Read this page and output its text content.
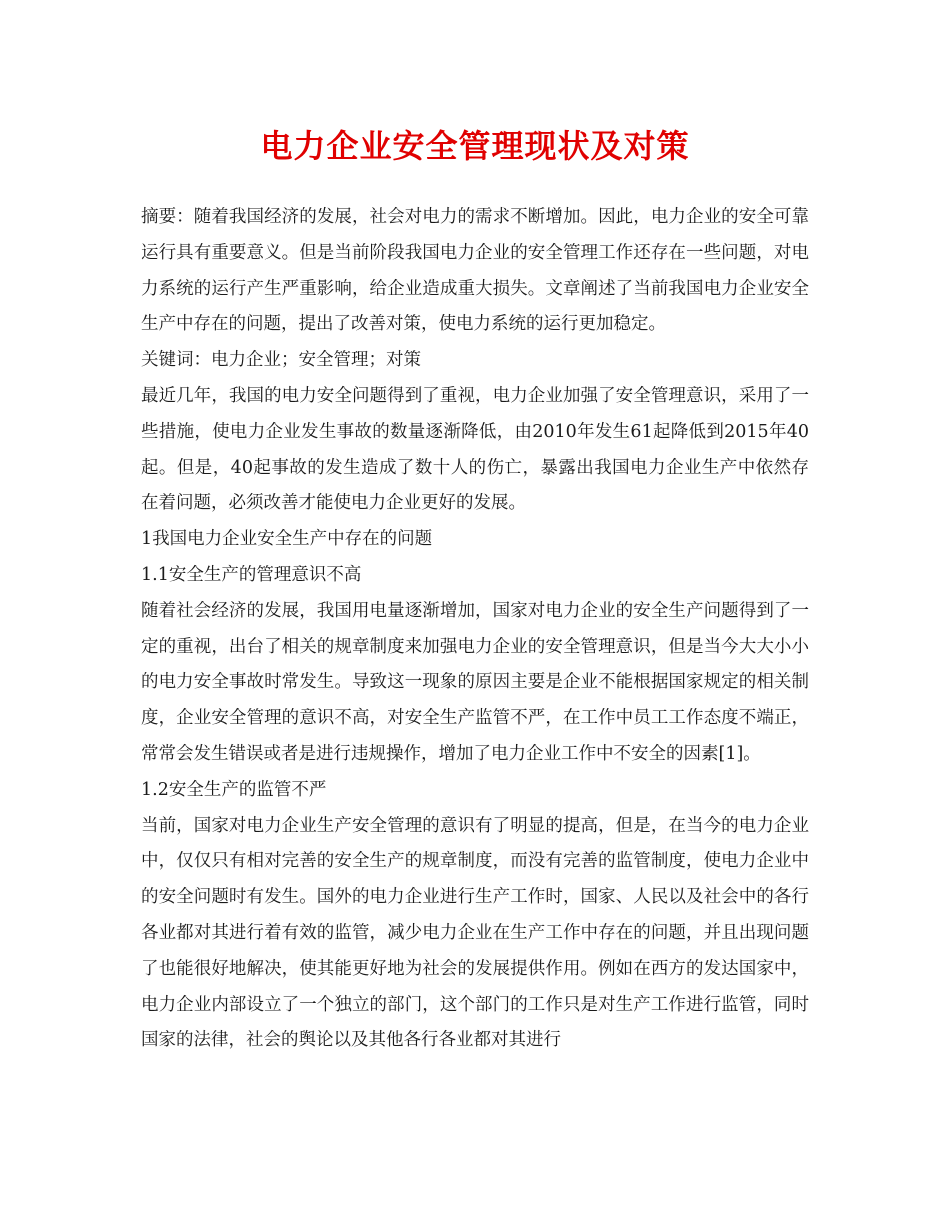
电力企业安全管理现状及对策

摘要：随着我国经济的发展，社会对电力的需求不断增加。因此，电力企业的安全可靠运行具有重要意义。但是当前阶段我国电力企业的安全管理工作还存在一些问题，对电力系统的运行产生严重影响，给企业造成重大损失。文章阐述了当前我国电力企业安全生产中存在的问题，提出了改善对策，使电力系统的运行更加稳定。

关键词：电力企业；安全管理；对策

最近几年，我国的电力安全问题得到了重视，电力企业加强了安全管理意识，采用了一些措施，使电力企业发生事故的数量逐渐降低，由2010年发生61起降低到2015年40起。但是，40起事故的发生造成了数十人的伤亡，暴露出我国电力企业生产中依然存在着问题，必须改善才能使电力企业更好的发展。

1我国电力企业安全生产中存在的问题

1.1安全生产的管理意识不高

随着社会经济的发展，我国用电量逐渐增加，国家对电力企业的安全生产问题得到了一定的重视，出台了相关的规章制度来加强电力企业的安全管理意识，但是当今大大小小的电力安全事故时常发生。导致这一现象的原因主要是企业不能根据国家规定的相关制度，企业安全管理的意识不高，对安全生产监管不严，在工作中员工工作态度不端正，常常会发生错误或者是进行违规操作，增加了电力企业工作中不安全的因素[1]。

1.2安全生产的监管不严

当前，国家对电力企业生产安全管理的意识有了明显的提高，但是，在当今的电力企业中，仅仅只有相对完善的安全生产的规章制度，而没有完善的监管制度，使电力企业中的安全问题时有发生。国外的电力企业进行生产工作时，国家、人民以及社会中的各行各业都对其进行着有效的监管，减少电力企业在生产工作中存在的问题，并且出现问题了也能很好地解决，使其能更好地为社会的发展提供作用。例如在西方的发达国家中，电力企业内部设立了一个独立的部门，这个部门的工作只是对生产工作进行监管，同时国家的法律，社会的舆论以及其他各行各业都对其进行
